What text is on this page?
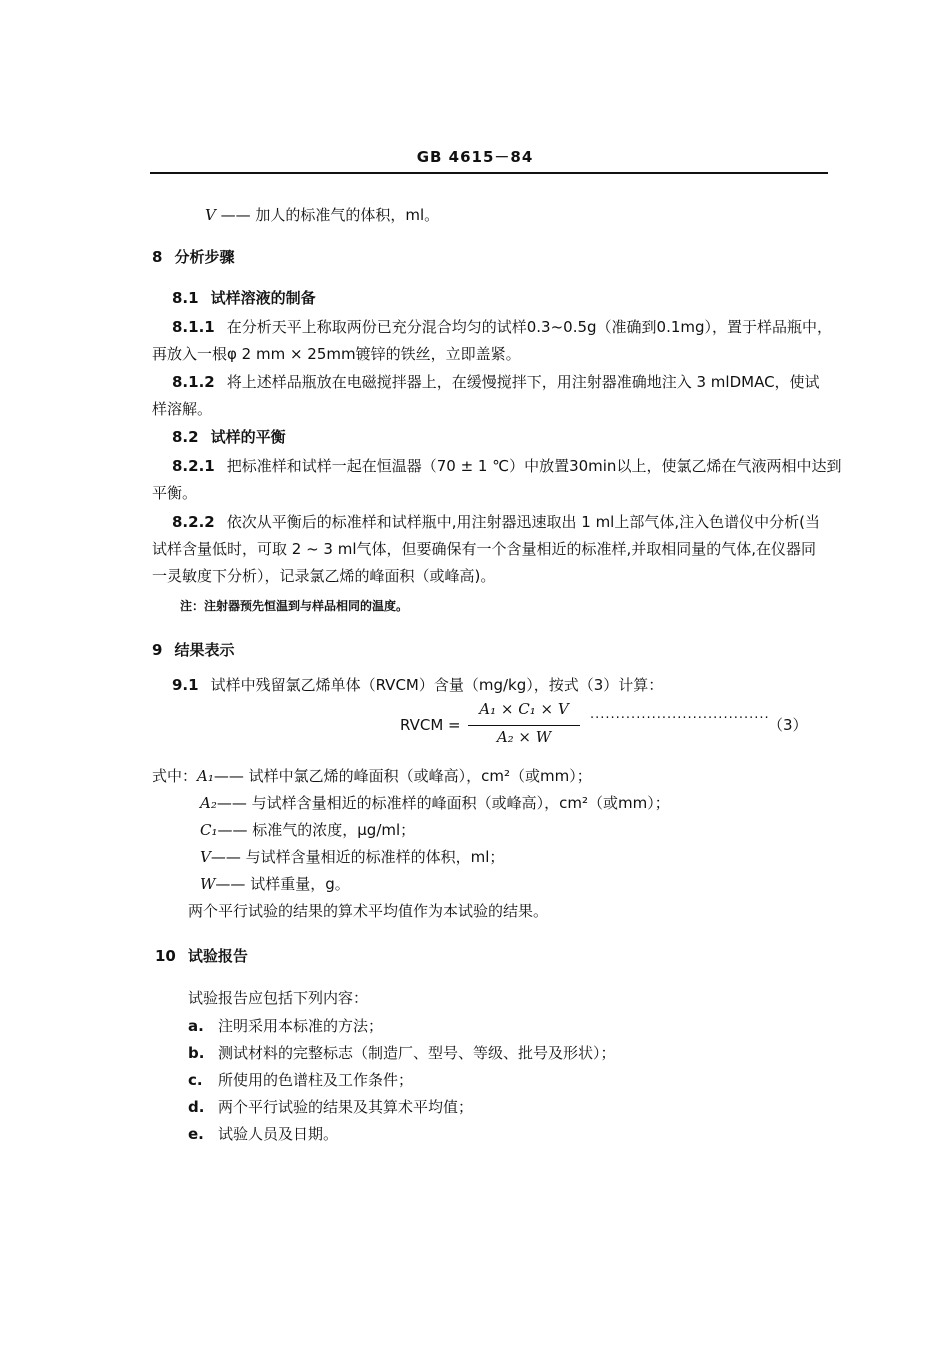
GB 4615－84
V —— 加人的标准气的体积，ml。
8 分析步骤
8.1 试样溶液的制备
8.1.1 在分析天平上称取两份已充分混合均匀的试样0.3~0.5g（准确到0.1mg），置于样品瓶中，
再放入一根φ 2 mm × 25mm镀锌的铁丝，立即盖紧。
8.1.2 将上述样品瓶放在电磁搅拌器上，在缓慢搅拌下，用注射器准确地注入 3 mlDMAC，使试
样溶解。
8.2 试样的平衡
8.2.1 把标准样和试样一起在恒温器（70 ± 1 ℃）中放置30min以上，使氯乙烯在气液两相中达到
平衡。
8.2.2 依次从平衡后的标准样和试样瓶中,用注射器迅速取出 1 ml上部气体,注入色谱仪中分析(当
试样含量低时，可取 2 ~ 3 ml气体，但要确保有一个含量相近的标准样,并取相同量的气体,在仪器同
一灵敏度下分析），记录氯乙烯的峰面积（或峰高)。
注：注射器预先恒温到与样品相同的温度。
9 结果表示
9.1 试样中残留氯乙烯单体（RVCM）含量（mg/kg），按式（3）计算：
RVCM =
A₁ × C₁ × V
A₂ × W
···································
（3）
式中：A₁—— 试样中氯乙烯的峰面积（或峰高），cm²（或mm）；
A₂—— 与试样含量相近的标准样的峰面积（或峰高），cm²（或mm）；
C₁—— 标准气的浓度，μg/ml；
V—— 与试样含量相近的标准样的体积，ml；
W—— 试样重量，g。
两个平行试验的结果的算术平均值作为本试验的结果。
10 试验报告
试验报告应包括下列内容：
a. 注明采用本标准的方法；
b. 测试材料的完整标志（制造厂、型号、等级、批号及形状）；
c. 所使用的色谱柱及工作条件；
d. 两个平行试验的结果及其算术平均值；
e. 试验人员及日期。
